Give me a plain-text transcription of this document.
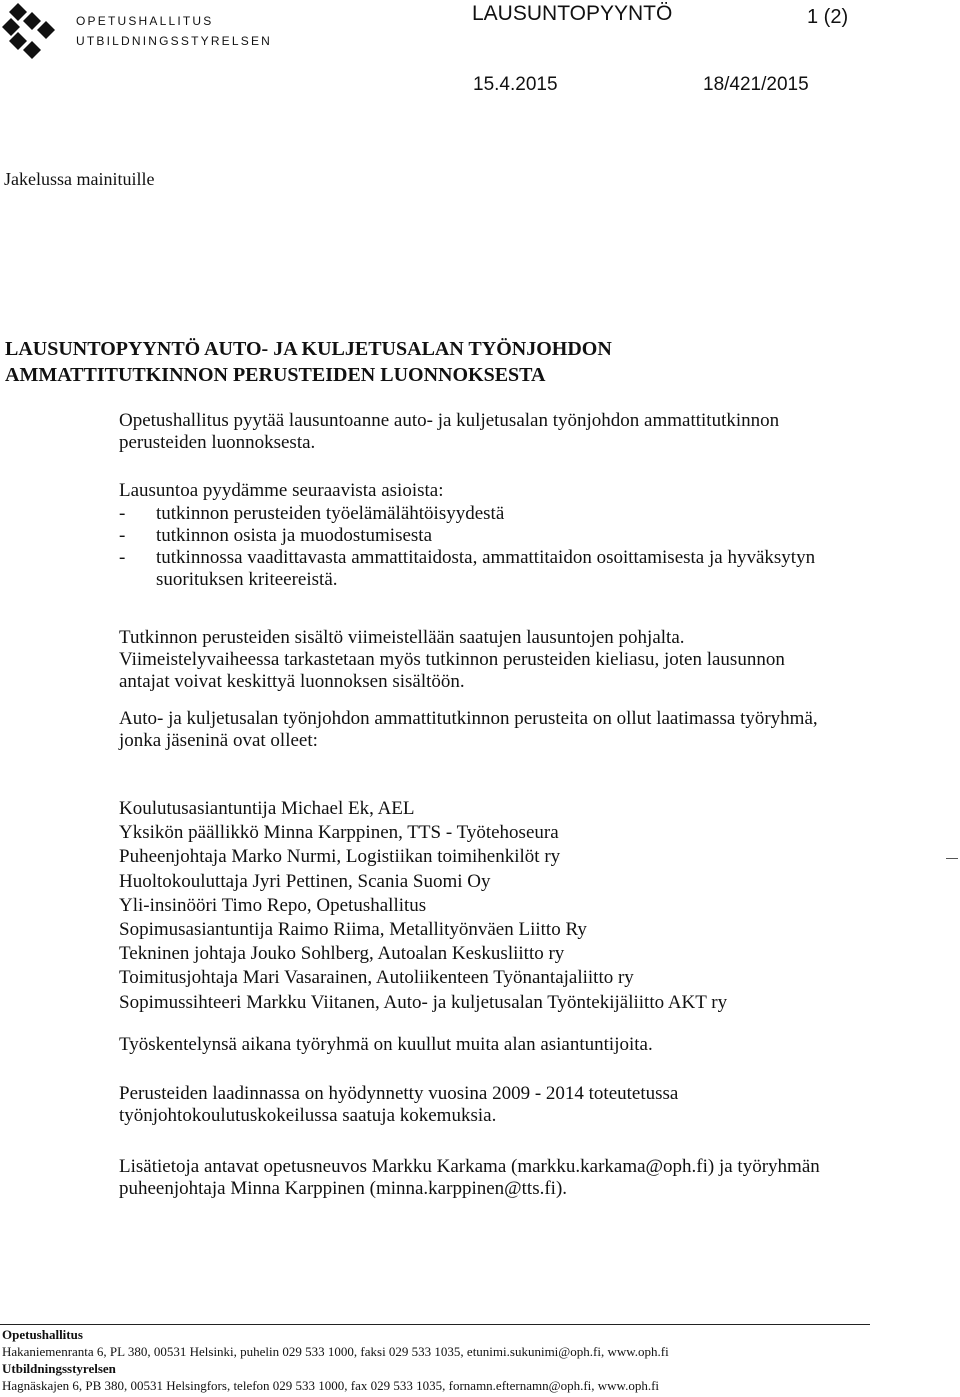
OPETUSHALLITUS
UTBILDNINGSSTYRELSEN
LAUSUNTOPYYNTÖ	1 (2)
15.4.2015	18/421/2015
Jakelussa mainituille
LAUSUNTOPYYNTÖ AUTO- JA KULJETUSALAN TYÖNJOHDON
AMMATTITUTKINNON PERUSTEIDEN LUONNOKSESTA
Opetushallitus pyytää lausuntoanne auto- ja kuljetusalan työnjohdon ammattitutkinnon
perusteiden luonnoksesta.
Lausuntoa pyydämme seuraavista asioista:
- tutkinnon perusteiden työelämälähtöisyydestä
- tutkinnon osista ja muodostumisesta
- tutkinnossa vaadittavasta ammattitaidosta, ammattitaidon osoittamisesta ja hyväksytyn
suorituksen kriteereistä.
Tutkinnon perusteiden sisältö viimeistellään saatujen lausuntojen pohjalta.
Viimeistelyvaiheessa tarkastetaan myös tutkinnon perusteiden kieliasu, joten lausunnon
antajat voivat keskittyä luonnoksen sisältöön.
Auto- ja kuljetusalan työnjohdon ammattitutkinnon perusteita on ollut laatimassa työryhmä,
jonka jäseninä ovat olleet:
Koulutusasiantuntija Michael Ek, AEL
Yksikön päällikkö Minna Karppinen, TTS - Työtehoseura
Puheenjohtaja Marko Nurmi, Logistiikan toimihenkilöt ry
Huoltokouluttaja Jyri Pettinen, Scania Suomi Oy
Yli-insinööri Timo Repo, Opetushallitus
Sopimusasiantuntija Raimo Riima, Metallityönväen Liitto Ry
Tekninen johtaja Jouko Sohlberg, Autoalan Keskusliitto ry
Toimitusjohtaja Mari Vasarainen, Autoliikenteen Työnantajaliitto ry
Sopimussihteeri Markku Viitanen, Auto- ja kuljetusalan Työntekijäliitto AKT ry
Työskentelynsä aikana työryhmä on kuullut muita alan asiantuntijoita.
Perusteiden laadinnassa on hyödynnetty vuosina 2009 - 2014 toteutetussa
työnjohtokoulutuskokeilussa saatuja kokemuksia.
Lisätietoja antavat opetusneuvos Markku Karkama (markku.karkama@oph.fi) ja työryhmän
puheenjohtaja Minna Karppinen (minna.karppinen@tts.fi).
Opetushallitus
Hakaniemenranta 6, PL 380, 00531 Helsinki, puhelin 029 533 1000, faksi 029 533 1035, etunimi.sukunimi@oph.fi, www.oph.fi
Utbildningsstyrelsen
Hagnäskajen 6, PB 380, 00531 Helsingfors, telefon 029 533 1000, fax 029 533 1035, fornamn.efternamn@oph.fi, www.oph.fi
